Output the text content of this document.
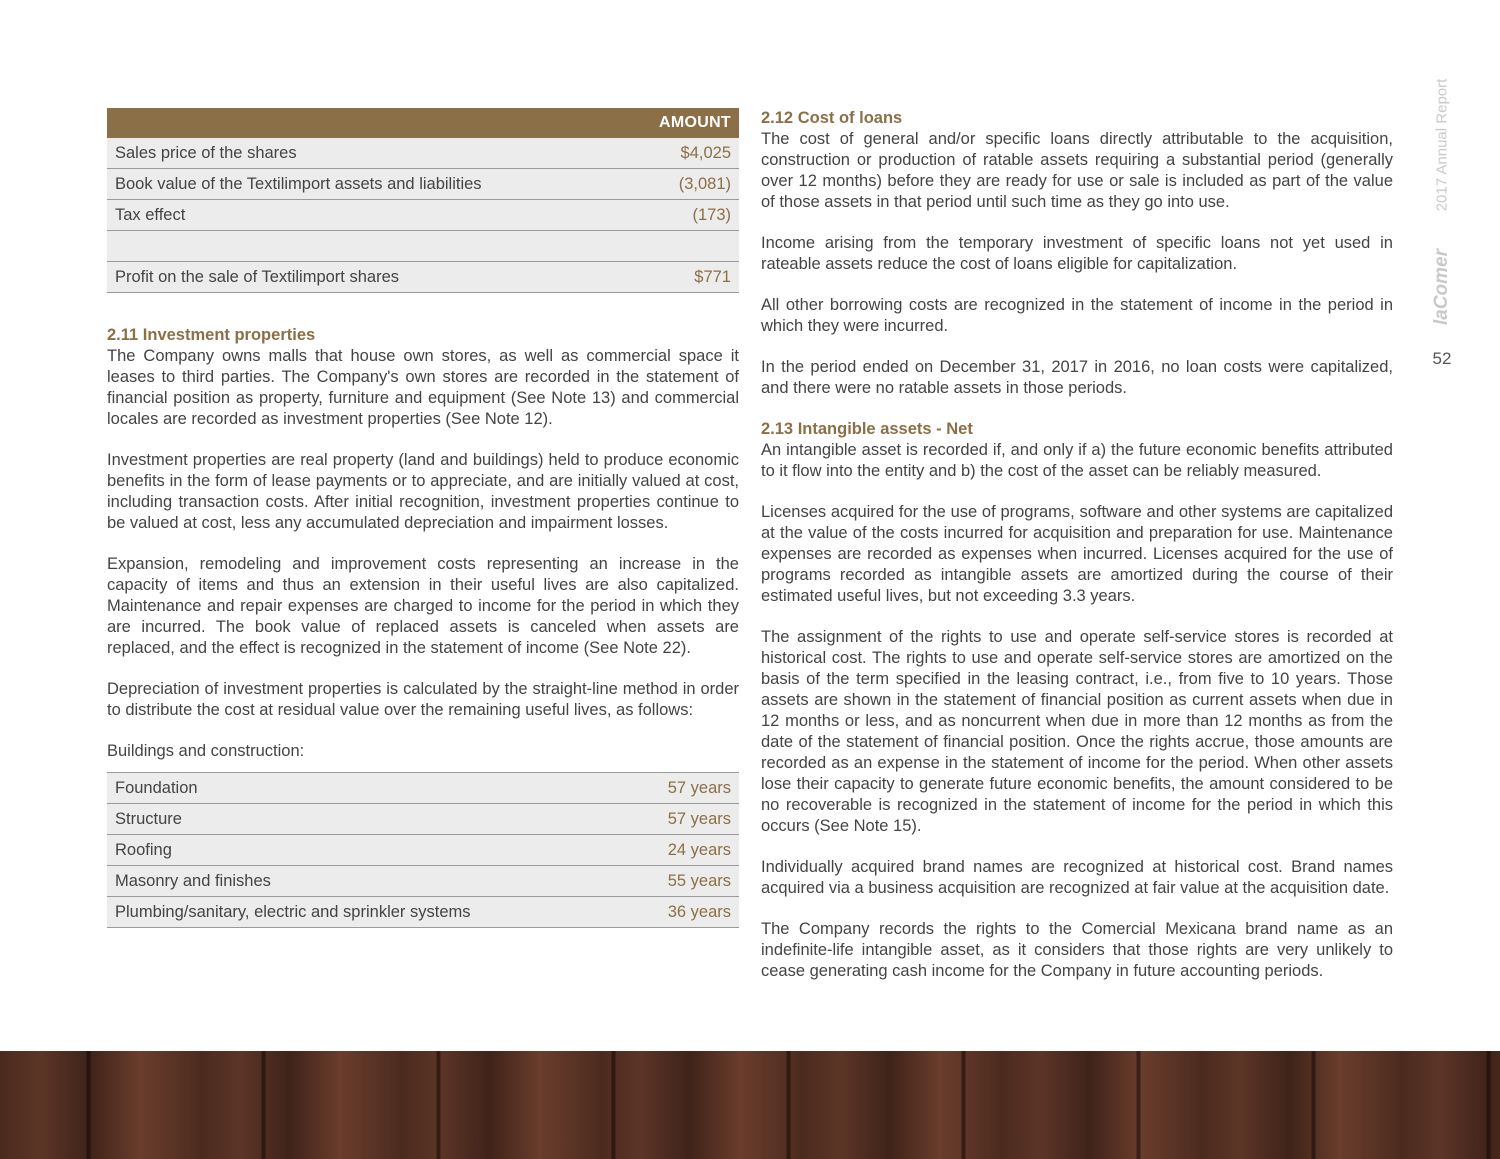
AMOUNT	
Sales price of the shares	$4,025
Book value of the Textilimport assets and liabilities	(3,081)
Tax effect	(173)

Profit on the sale of Textilimport shares	$771
2.11 Investment properties

The Company owns malls that house own stores, as well as commercial space it leases to third parties. The Company's own stores are recorded in the statement of financial position as property, furniture and equipment (See Note 13) and commercial locales are recorded as investment properties (See Note 12).

Investment properties are real property (land and buildings) held to produce economic benefits in the form of lease payments or to appreciate, and are initially valued at cost, including transaction costs. After initial recognition, investment properties continue to be valued at cost, less any accumulated depreciation and impairment losses.

Expansion, remodeling and improvement costs representing an increase in the capacity of items and thus an extension in their useful lives are also capitalized. Maintenance and repair expenses are charged to income for the period in which they are incurred. The book value of replaced assets is canceled when assets are replaced, and the effect is recognized in the statement of income (See Note 22).

Depreciation of investment properties is calculated by the straight-line method in order to distribute the cost at residual value over the remaining useful lives, as follows:

Buildings and construction:

Foundation	57 years
Structure	57 years
Roofing	24 years
Masonry and finishes	55 years
Plumbing/sanitary, electric and sprinkler systems	36 years
2.12 Cost of loans

The cost of general and/or specific loans directly attributable to the acquisition, construction or production of ratable assets requiring a substantial period (generally over 12 months) before they are ready for use or sale is included as part of the value of those assets in that period until such time as they go into use.

Income arising from the temporary investment of specific loans not yet used in rateable assets reduce the cost of loans eligible for capitalization.

All other borrowing costs are recognized in the statement of income in the period in which they were incurred.

In the period ended on December 31, 2017 in 2016, no loan costs were capitalized, and there were no ratable assets in those periods.

2.13 Intangible assets - Net

An intangible asset is recorded if, and only if a) the future economic benefits attributed to it flow into the entity and b) the cost of the asset can be reliably measured.

Licenses acquired for the use of programs, software and other systems are capitalized at the value of the costs incurred for acquisition and preparation for use. Maintenance expenses are recorded as expenses when incurred. Licenses acquired for the use of programs recorded as intangible assets are amortized during the course of their estimated useful lives, but not exceeding 3.3 years.

The assignment of the rights to use and operate self-service stores is recorded at historical cost. The rights to use and operate self-service stores are amortized on the basis of the term specified in the leasing contract, i.e., from five to 10 years. Those assets are shown in the statement of financial position as current assets when due in 12 months or less, and as noncurrent when due in more than 12 months as from the date of the statement of financial position. Once the rights accrue, those amounts are recorded as an expense in the statement of income for the period. When other assets lose their capacity to generate future economic benefits, the amount considered to be no recoverable is recognized in the statement of income for the period in which this occurs (See Note 15).

Individually acquired brand names are recognized at historical cost. Brand names acquired via a business acquisition are recognized at fair value at the acquisition date.

The Company records the rights to the Comercial Mexicana brand name as an indefinite-life intangible asset, as it considers that those rights are very unlikely to cease generating cash income for the Company in future accounting periods.

2017 Annual Report
laComer
52
